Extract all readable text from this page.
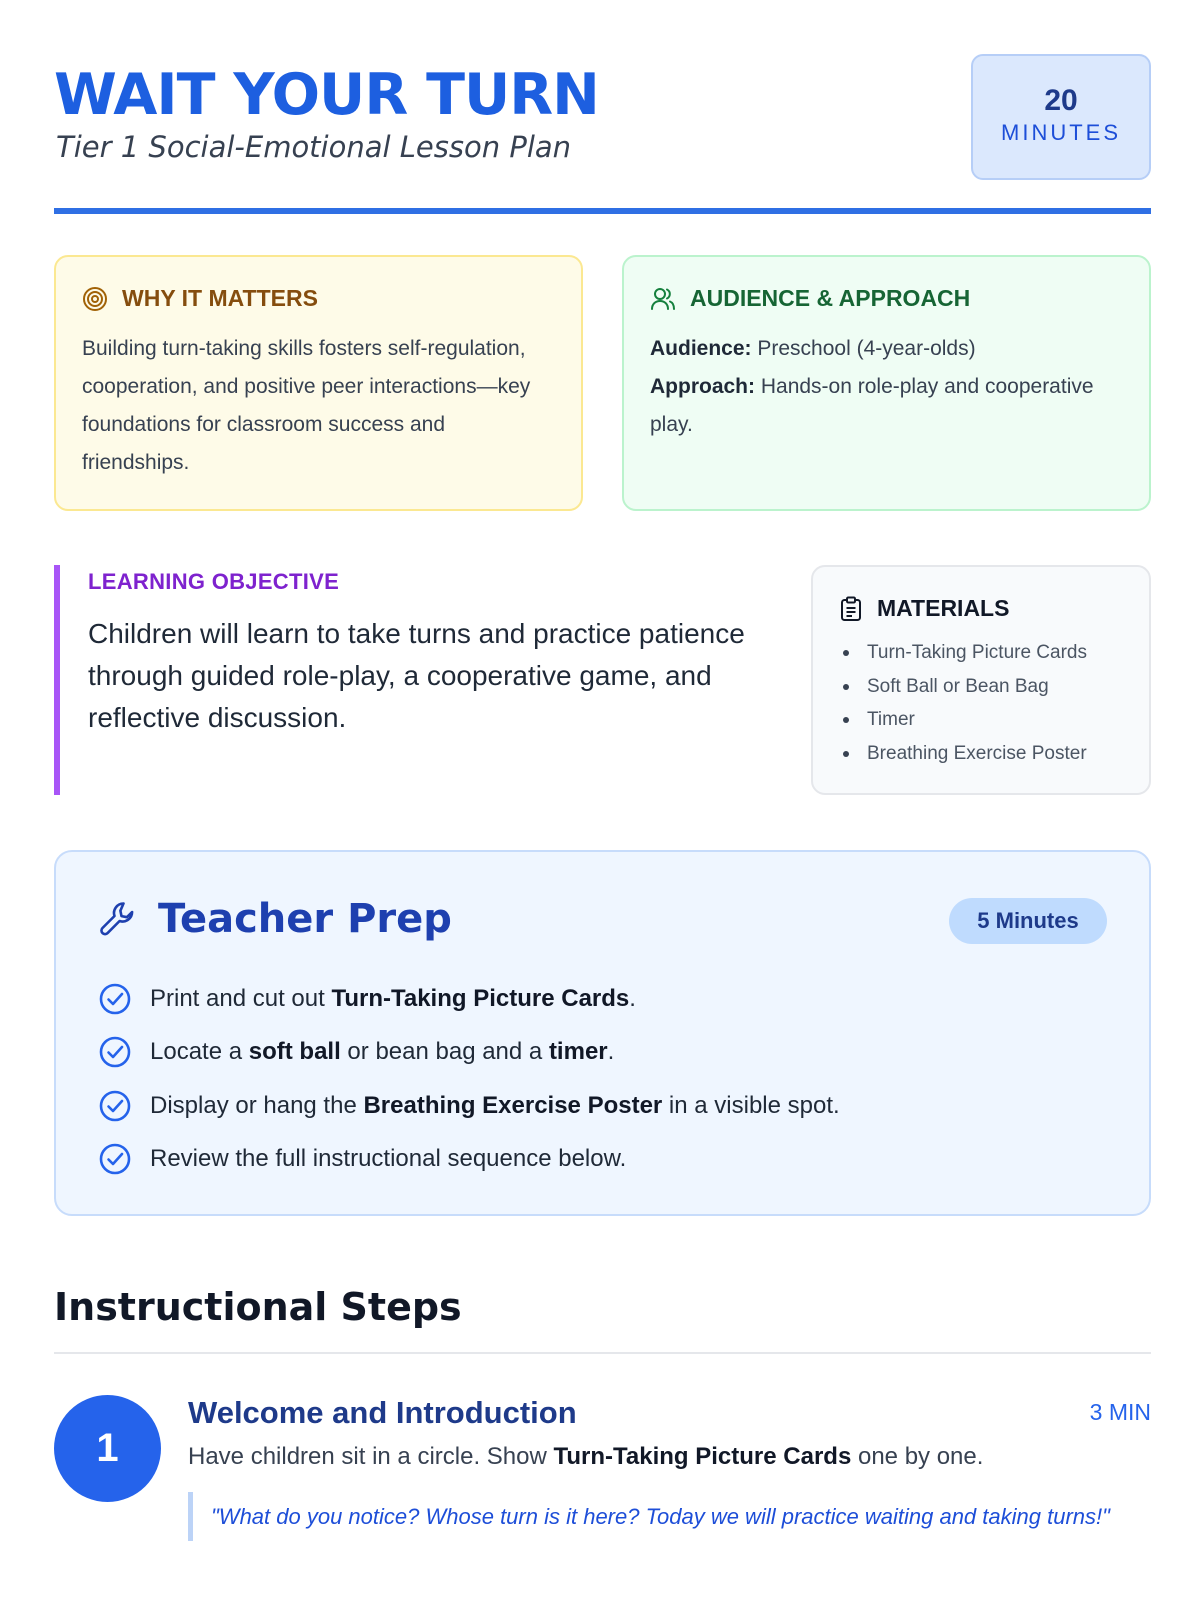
WAIT YOUR TURN
Tier 1 Social-Emotional Lesson Plan
20
MINUTES
WHY IT MATTERS
Building turn-taking skills fosters self-regulation, cooperation, and positive peer interactions—key foundations for classroom success and friendships.
AUDIENCE & APPROACH
Audience: Preschool (4-year-olds)
Approach: Hands-on role-play and cooperative play.
LEARNING OBJECTIVE
Children will learn to take turns and practice patience through guided role-play, a cooperative game, and reflective discussion.
MATERIALS
Turn-Taking Picture Cards
Soft Ball or Bean Bag
Timer
Breathing Exercise Poster
Teacher Prep	5 Minutes
Print and cut out Turn-Taking Picture Cards.
Locate a soft ball or bean bag and a timer.
Display or hang the Breathing Exercise Poster in a visible spot.
Review the full instructional sequence below.
Instructional Steps
1
Welcome and Introduction	3 MIN
Have children sit in a circle. Show Turn-Taking Picture Cards one by one.
"What do you notice? Whose turn is it here? Today we will practice waiting and taking turns!"
